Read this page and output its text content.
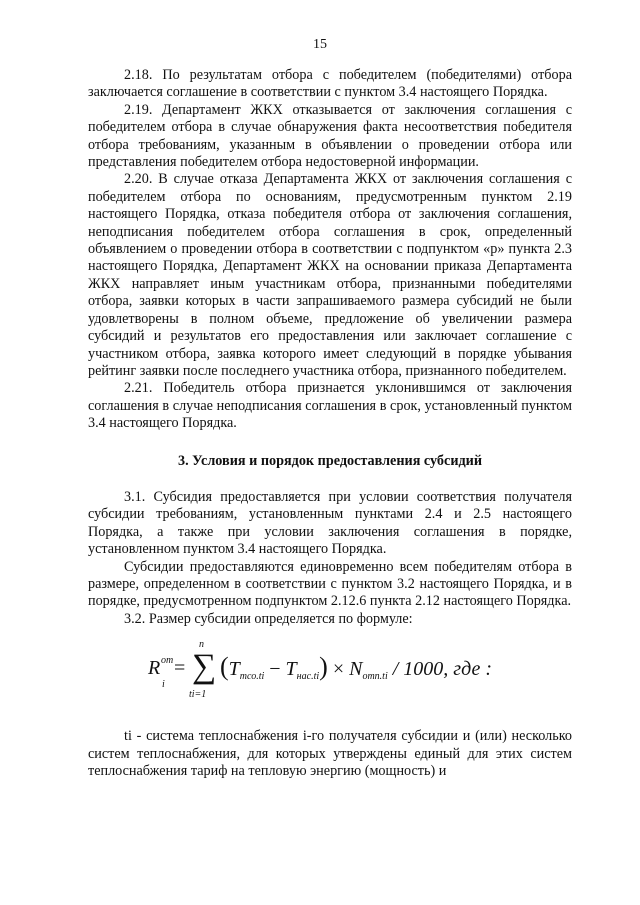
15

2.18. По результатам отбора с победителем (победителями) отбора заключается соглашение в соответствии с пунктом 3.4 настоящего Порядка.

2.19. Департамент ЖКХ отказывается от заключения соглашения с победителем отбора в случае обнаружения факта несоответствия победителя отбора требованиям, указанным в объявлении о проведении отбора или представления победителем отбора недостоверной информации.

2.20. В случае отказа Департамента ЖКХ от заключения соглашения с победителем отбора по основаниям, предусмотренным пунктом 2.19 настоящего Порядка, отказа победителя отбора от заключения соглашения, неподписания победителем отбора соглашения в срок, определенный объявлением о проведении отбора в соответствии с подпунктом «р» пункта 2.3 настоящего Порядка, Департамент ЖКХ на основании приказа Департамента ЖКХ направляет иным участникам отбора, признанными победителями отбора, заявки которых в части запрашиваемого размера субсидий не были удовлетворены в полном объеме, предложение об увеличении размера субсидий и результатов его предоставления или заключает соглашение с участником отбора, заявка которого имеет следующий в порядке убывания рейтинг заявки после последнего участника отбора, признанного победителем.

2.21. Победитель отбора признается уклонившимся от заключения соглашения в случае неподписания соглашения в срок, установленный пунктом 3.4 настоящего Порядка.

3. Условия и порядок предоставления субсидий

3.1. Субсидия предоставляется при условии соответствия получателя субсидии требованиям, установленным пунктами 2.4 и 2.5 настоящего Порядка, а также при условии заключения соглашения в порядке, установленном пунктом 3.4 настоящего Порядка.

Субсидии предоставляются единовременно всем победителям отбора в размере, определенном в соответствии с пунктом 3.2 настоящего Порядка, и в порядке, предусмотренном подпунктом 2.12.6 пункта 2.12 настоящего Порядка.

3.2. Размер субсидии определяется по формуле:

R от
i
=
n
∑
ti=1
$(T_{тсо.ti} - T_{нас.ti}) \times N_{отп.ti} / 1000$, где :

ti - система теплоснабжения i-го получателя субсидии и (или) несколько систем теплоснабжения, для которых утверждены единый для этих систем теплоснабжения тариф на тепловую энергию (мощность) и
